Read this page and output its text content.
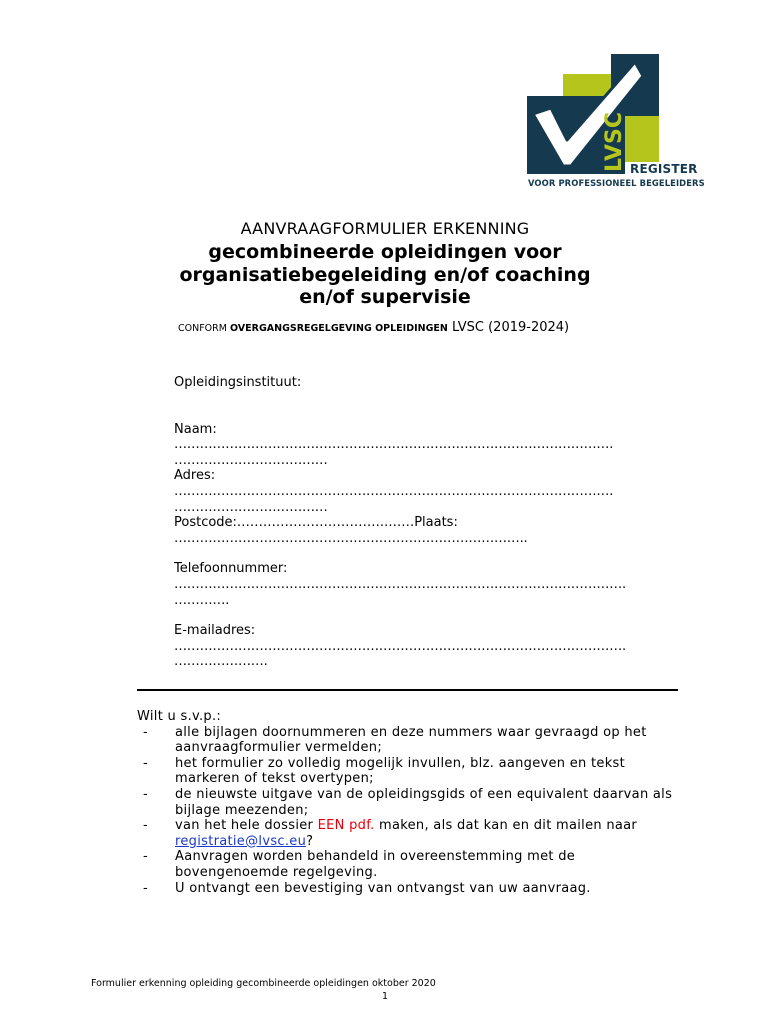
LVSC REGISTER
VOOR PROFESSIONEEL BEGELEIDERS
AANVRAAGFORMULIER ERKENNING
gecombineerde opleidingen voor
organisatiebegeleiding en/of coaching
en/of supervisie
CONFORM OVERGANGSREGELGEVING OPLEIDINGEN LVSC (2019-2024)
Opleidingsinstituut:
Naam:
………………………………………………………………………………………….
………………………………
Adres:
………………………………………………………………………………………….
………………………………
Postcode:……………………………..……Plaats:
………………………………………………………………………..
Telefoonnummer:
…………………………………………………………………………………………….
………….
E-mailadres:
…………………………………………………………………………………………….
………………….
Wilt u s.v.p.:
- alle bijlagen doornummeren en deze nummers waar gevraagd op het aanvraagformulier vermelden;
- het formulier zo volledig mogelijk invullen, blz. aangeven en tekst markeren of tekst overtypen;
- de nieuwste uitgave van de opleidingsgids of een equivalent daarvan als bijlage meezenden;
- van het hele dossier EEN pdf. maken, als dat kan en dit mailen naar
registratie@lvsc.eu?
- Aanvragen worden behandeld in overeenstemming met de bovengenoemde regelgeving.
- U ontvangt een bevestiging van ontvangst van uw aanvraag.
Formulier erkenning opleiding gecombineerde opleidingen oktober 2020
1
